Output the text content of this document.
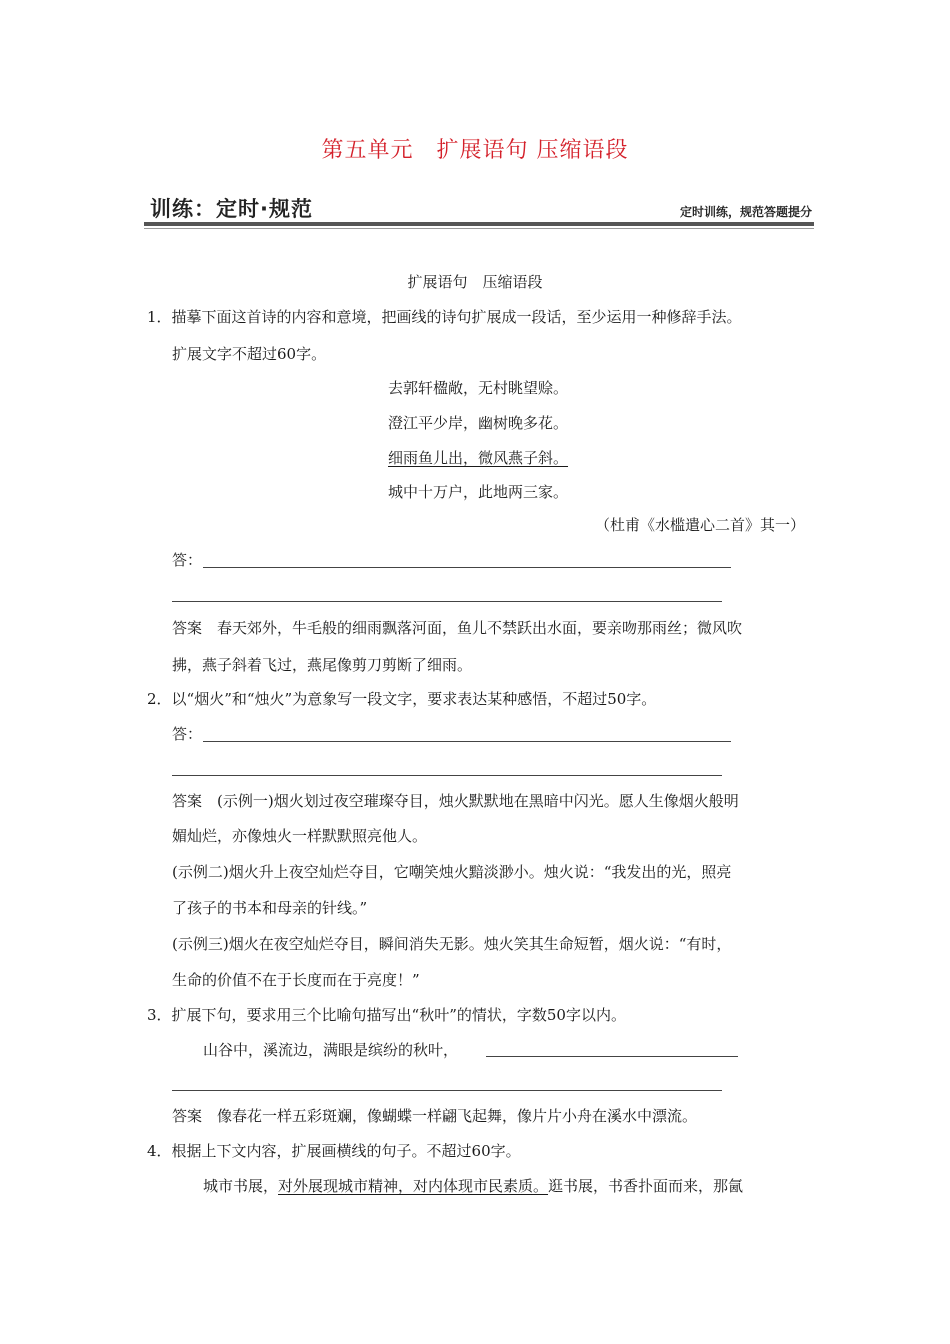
第五单元　扩展语句 压缩语段
训练：定时·规范	定时训练，规范答题提分
扩展语句　压缩语段
1．描摹下面这首诗的内容和意境，把画线的诗句扩展成一段话，至少运用一种修辞手法。
扩展文字不超过60字。
去郭轩楹敞，无村眺望赊。
澄江平少岸，幽树晚多花。
细雨鱼儿出，微风燕子斜。
城中十万户，此地两三家。
（杜甫《水槛遣心二首》其一）
答：
答案　春天郊外，牛毛般的细雨飘落河面，鱼儿不禁跃出水面，要亲吻那雨丝；微风吹
拂，燕子斜着飞过，燕尾像剪刀剪断了细雨。
2．以“烟火”和“烛火”为意象写一段文字，要求表达某种感悟，不超过50字。
答：
答案　(示例一)烟火划过夜空璀璨夺目，烛火默默地在黑暗中闪光。愿人生像烟火般明
媚灿烂，亦像烛火一样默默照亮他人。
(示例二)烟火升上夜空灿烂夺目，它嘲笑烛火黯淡渺小。烛火说：“我发出的光，照亮
了孩子的书本和母亲的针线。”
(示例三)烟火在夜空灿烂夺目，瞬间消失无影。烛火笑其生命短暂，烟火说：“有时，
生命的价值不在于长度而在于亮度！”
3．扩展下句，要求用三个比喻句描写出“秋叶”的情状，字数50字以内。
山谷中，溪流边，满眼是缤纷的秋叶，
答案　像春花一样五彩斑斓，像蝴蝶一样翩飞起舞，像片片小舟在溪水中漂流。
4．根据上下文内容，扩展画横线的句子。不超过60字。
城市书展，对外展现城市精神，对内体现市民素质。逛书展，书香扑面而来，那氤
